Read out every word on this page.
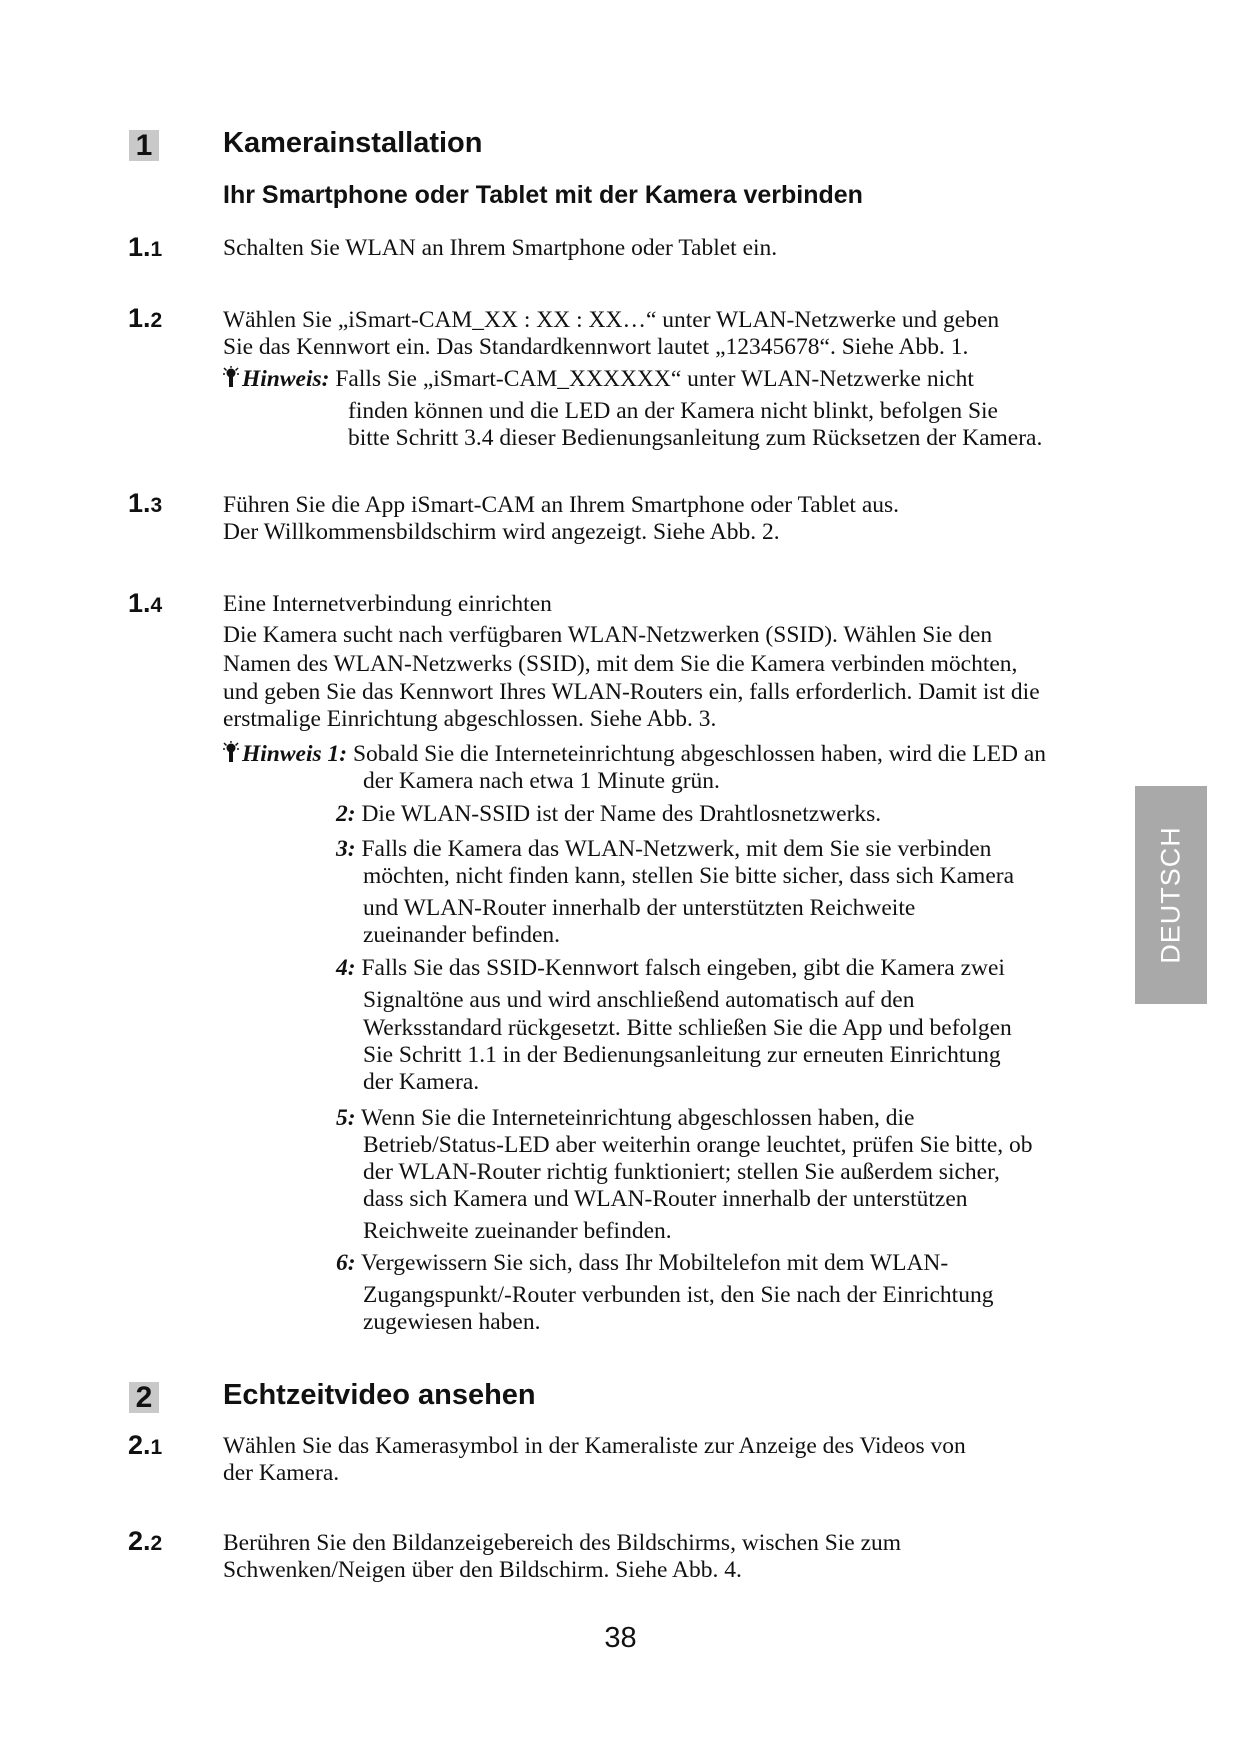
1 Kamerainstallation
Ihr Smartphone oder Tablet mit der Kamera verbinden
1.1	Schalten Sie WLAN an Ihrem Smartphone oder Tablet ein.
1.2	Wählen Sie „iSmart-CAM_XX : XX : XX…“ unter WLAN-Netzwerke und geben
Sie das Kennwort ein. Das Standardkennwort lautet „12345678“. Siehe Abb. 1.
Hinweis: Falls Sie „iSmart-CAM_XXXXXX“ unter WLAN-Netzwerke nicht
finden können und die LED an der Kamera nicht blinkt, befolgen Sie
bitte Schritt 3.4 dieser Bedienungsanleitung zum Rücksetzen der Kamera.
1.3	Führen Sie die App iSmart-CAM an Ihrem Smartphone oder Tablet aus.
Der Willkommensbildschirm wird angezeigt. Siehe Abb. 2.
1.4	Eine Internetverbindung einrichten
Die Kamera sucht nach verfügbaren WLAN-Netzwerken (SSID). Wählen Sie den
Namen des WLAN-Netzwerks (SSID), mit dem Sie die Kamera verbinden möchten,
und geben Sie das Kennwort Ihres WLAN-Routers ein, falls erforderlich. Damit ist die
erstmalige Einrichtung abgeschlossen. Siehe Abb. 3.
Hinweis 1: Sobald Sie die Interneteinrichtung abgeschlossen haben, wird die LED an
der Kamera nach etwa 1 Minute grün.
2: Die WLAN-SSID ist der Name des Drahtlosnetzwerks.
3: Falls die Kamera das WLAN-Netzwerk, mit dem Sie sie verbinden
möchten, nicht finden kann, stellen Sie bitte sicher, dass sich Kamera
und WLAN-Router innerhalb der unterstützten Reichweite
zueinander befinden.
4: Falls Sie das SSID-Kennwort falsch eingeben, gibt die Kamera zwei
Signaltöne aus und wird anschließend automatisch auf den
Werksstandard rückgesetzt. Bitte schließen Sie die App und befolgen
Sie Schritt 1.1 in der Bedienungsanleitung zur erneuten Einrichtung
der Kamera.
5: Wenn Sie die Interneteinrichtung abgeschlossen haben, die
Betrieb/Status-LED aber weiterhin orange leuchtet, prüfen Sie bitte, ob
der WLAN-Router richtig funktioniert; stellen Sie außerdem sicher,
dass sich Kamera und WLAN-Router innerhalb der unterstützen
Reichweite zueinander befinden.
6: Vergewissern Sie sich, dass Ihr Mobiltelefon mit dem WLAN-
Zugangspunkt/-Router verbunden ist, den Sie nach der Einrichtung
zugewiesen haben.
2 Echtzeitvideo ansehen
2.1	Wählen Sie das Kamerasymbol in der Kameraliste zur Anzeige des Videos von
der Kamera.
2.2	Berühren Sie den Bildanzeigebereich des Bildschirms, wischen Sie zum
Schwenken/Neigen über den Bildschirm. Siehe Abb. 4.
DEUTSCH
38
